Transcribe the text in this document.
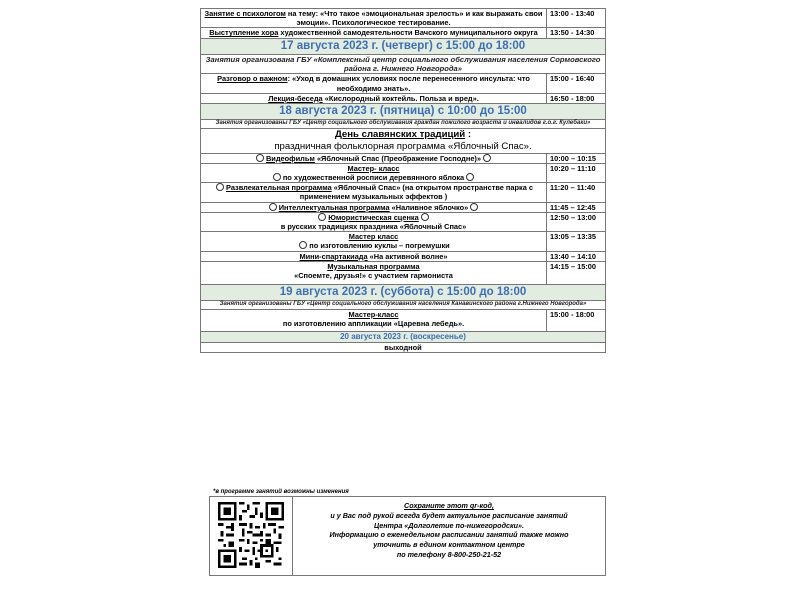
Занятие с психологом на тему: «Что такое «эмоциональная зрелость» и как выражать свои эмоции». Психологическое тестирование.	13:00 - 13:40
Выступление хора художественной самодеятельности Вачского муниципального округа	13:50 - 14:30
17 августа 2023 г. (четверг) с 15:00 до 18:00	
Занятия организована ГБУ «Комплексный центр социального обслуживания населения Сормовского района г. Нижнего Новгорода»	
Разговор о важном: «Уход в домашних условиях после перенесенного инсульта: что необходимо знать».	15:00 - 16:40
Лекция-беседа «Кислородный коктейль. Польза и вред».	16:50 - 18:00
18 августа 2023 г. (пятница) с 10:00 до 15:00	
Занятия организованы ГБУ «Центр социального обслуживания граждан пожилого возраста и инвалидов г.о.г. Кулебаки»	
День славянских традиций :
праздничная фольклорная программа «Яблочный Спас».	
Видеофильм «Яблочный Спас (Преображение Господне)»	10:00 – 10:15
Мастер- класс
по художественной росписи деревянного яблока	10:20 – 11:10
Развлекательная программа «Яблочный Спас» (на открытом пространстве парка с применением музыкальных эффектов )	11:20 – 11:40
Интеллектуальная программа «Наливное яблочко»	11:45 – 12:45
Юмористическая сценка
в русских традициях праздника «Яблочный Спас»	12:50 – 13:00
Мастер класс
по изготовлению куклы – погремушки	13:05 – 13:35
Мини-спартакиада «На активной волне»	13:40 – 14:10
Музыкальная программа
«Споемте, друзья!» с участием гармониста	14:15 – 15:00
19 августа 2023 г. (суббота) с 15:00 до 18:00	
Занятия организованы ГБУ «Центр социального обслуживания населения Канавинского района г.Нижнего Новгорода»	
Мастер-класс
по изготовлению аппликации «Царевна лебедь».	15:00 - 18:00
20 августа 2023 г. (воскресенье)	
выходной	
*в программе занятий возможны изменения
Сохраните этот qr-код,
и у Вас под рукой всегда будет актуальное расписание занятий
Центра «Долголетие по-нижегородски».
Информацию о еженедельном расписании занятий также можно
уточнить в едином контактном центре
по телефону 8-800-250-21-52
